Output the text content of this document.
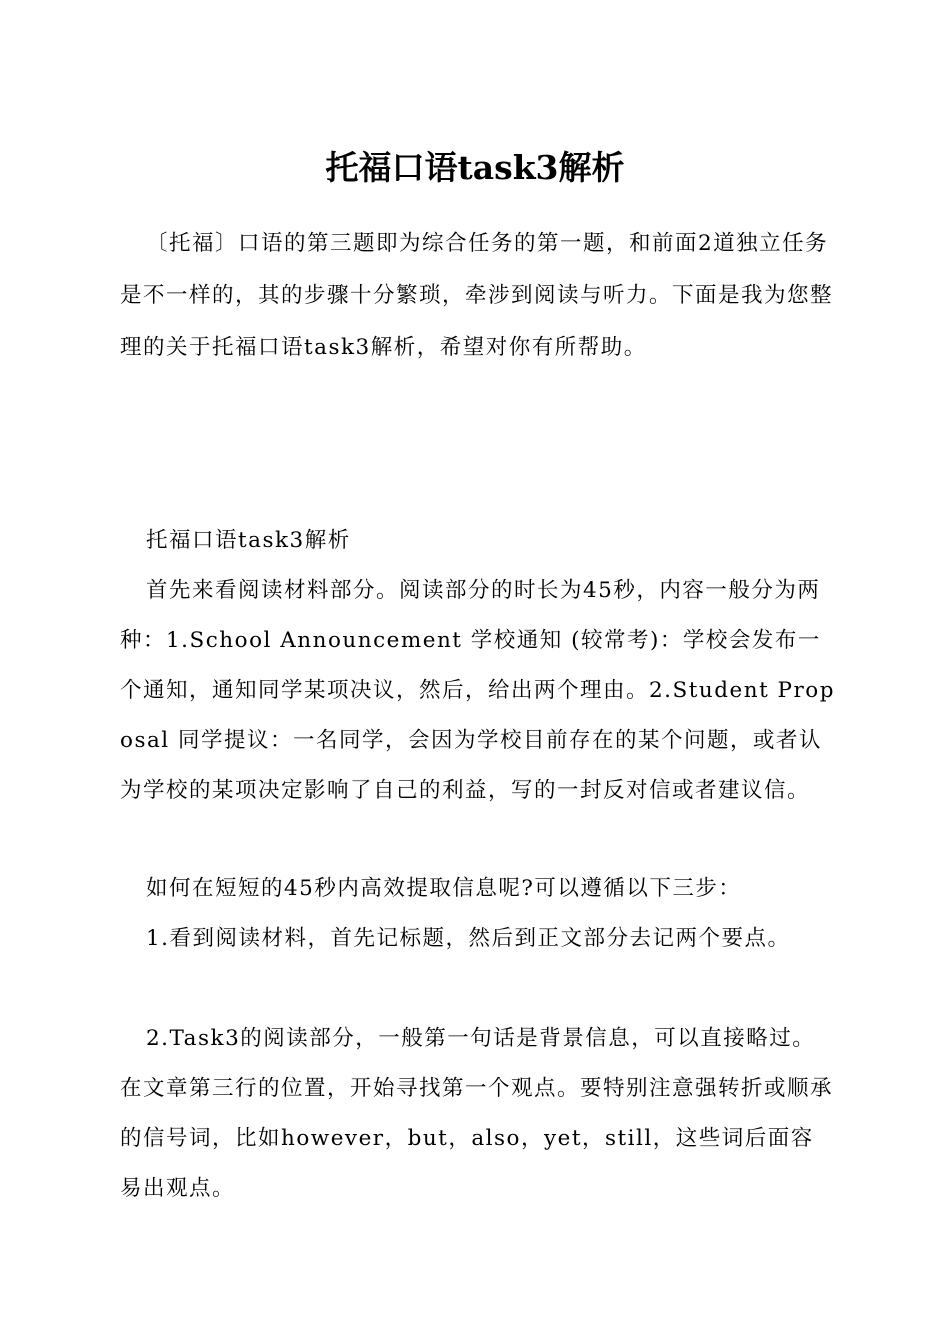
托福口语task3解析

〔托福〕口语的第三题即为综合任务的第一题，和前面2道独立任务是不一样的，其的步骤十分繁琐，牵涉到阅读与听力。下面是我为您整理的关于托福口语task3解析，希望对你有所帮助。

托福口语task3解析

首先来看阅读材料部分。阅读部分的时长为45秒，内容一般分为两种：1.School Announcement 学校通知 (较常考)：学校会发布一个通知，通知同学某项决议，然后，给出两个理由。2.Student Proposal 同学提议：一名同学，会因为学校目前存在的某个问题，或者认为学校的某项决定影响了自己的利益，写的一封反对信或者建议信。

如何在短短的45秒内高效提取信息呢?可以遵循以下三步：

1.看到阅读材料，首先记标题，然后到正文部分去记两个要点。

2.Task3的阅读部分，一般第一句话是背景信息，可以直接略过。在文章第三行的位置，开始寻找第一个观点。要特别注意强转折或顺承的信号词，比如however，but，also，yet，still，这些词后面容易出观点。
